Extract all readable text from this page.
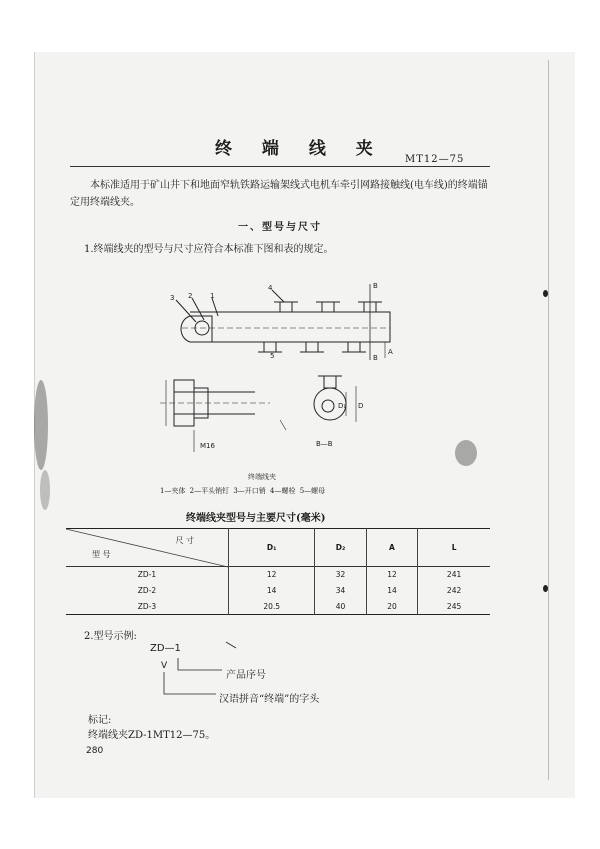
终 端 线 夹
MT12—75
本标准适用于矿山井下和地面窄轨铁路运输架线式电机车牵引网路接触线(电车线)的终端锚定用终端线夹。
一、型号与尺寸
1.终端线夹的型号与尺寸应符合本标准下图和表的规定。
3 2	1
4
5
B
B
A
M16
D₁ D
B—B
终端线夹
1—夹体 2—平头销钉 3—开口销 4—螺栓 5—螺母
终端线夹型号与主要尺寸(毫米)
尺 寸
型 号	D₁	D₂	A	L
ZD-1	12	32	12	241
ZD-2	14	34	14	242
ZD-3	20.5	40	20	245
2.型号示例:
ZD—1
V
产品序号
汉语拼音“终端”的字头
标记:
终端线夹ZD-1MT12—75。
280
